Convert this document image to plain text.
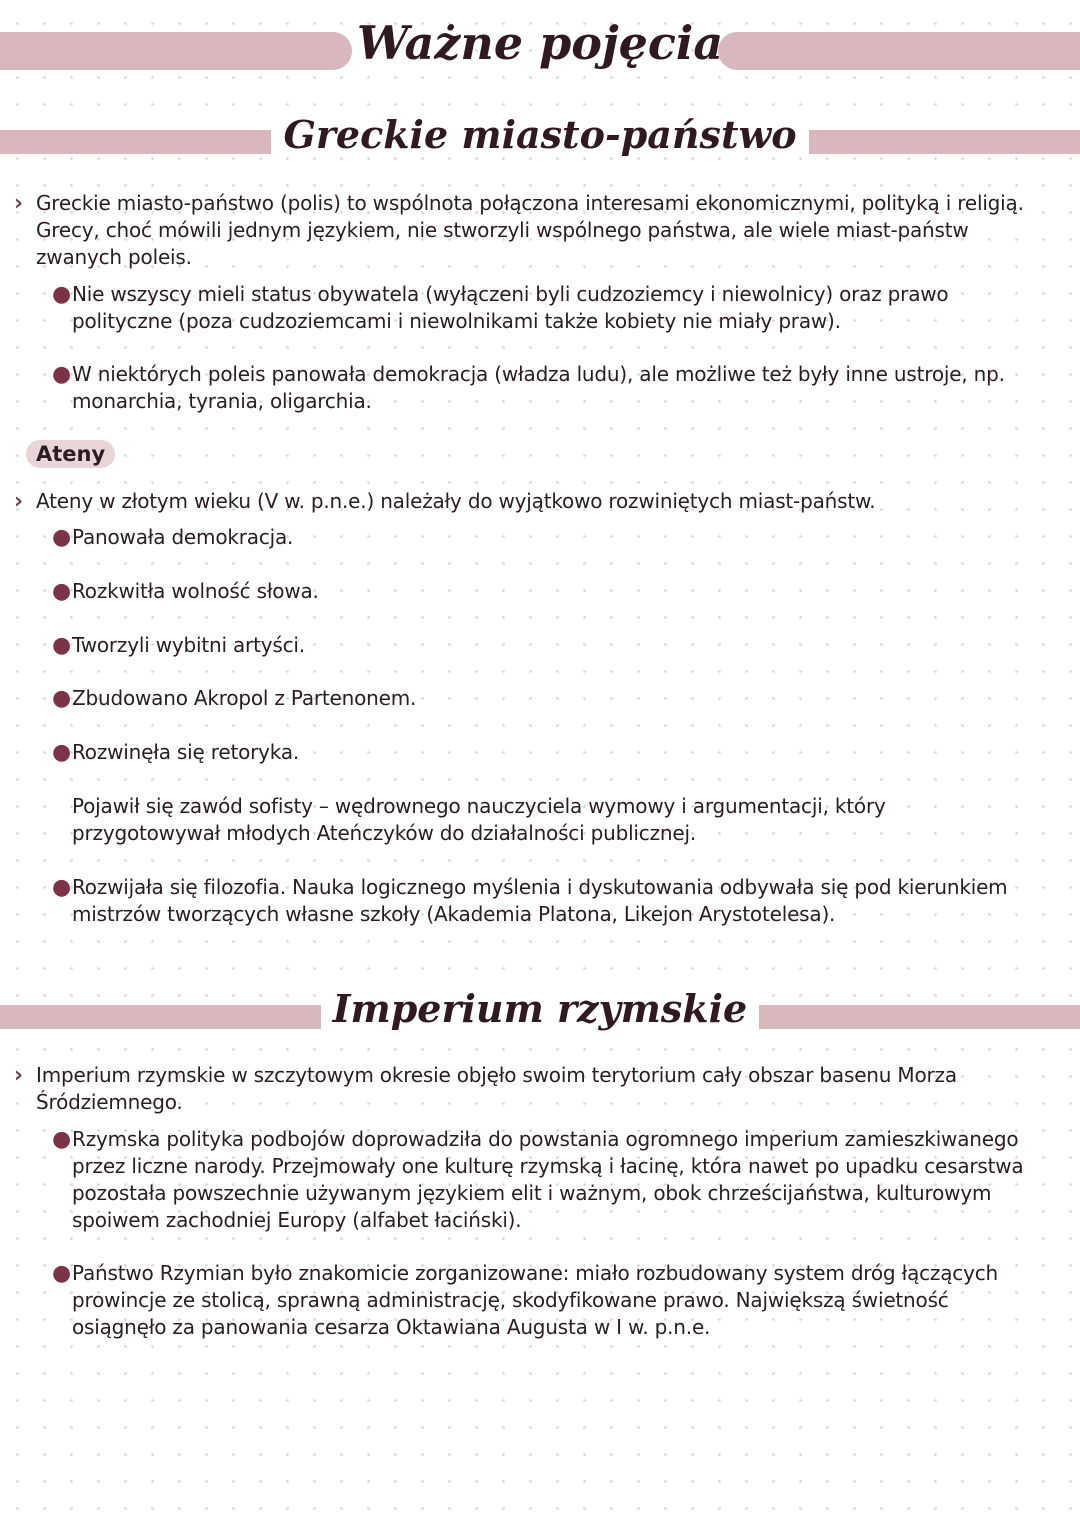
Ważne pojęcia
Greckie miasto-państwo

› Greckie miasto-państwo (polis) to wspólnota połączona interesami ekonomicznymi, polityką i religią. Grecy, choć mówili jednym językiem, nie stworzyli wspólnego państwa, ale wiele miast-państw zwanych poleis.

● Nie wszyscy mieli status obywatela (wyłączeni byli cudzoziemcy i niewolnicy) oraz prawo polityczne (poza cudzoziemcami i niewolnikami także kobiety nie miały praw).

● W niektórych poleis panowała demokracja (władza ludu), ale możliwe też były inne ustroje, np. monarchia, tyrania, oligarchia.

Ateny

› Ateny w złotym wieku (V w. p.n.e.) należały do wyjątkowo rozwiniętych miast-państw.

● Panowała demokracja.

● Rozkwitła wolność słowa.

● Tworzyli wybitni artyści.

● Zbudowano Akropol z Partenonem.

● Rozwinęła się retoryka.

Pojawił się zawód sofisty – wędrownego nauczyciela wymowy i argumentacji, który przygotowywał młodych Ateńczyków do działalności publicznej.

● Rozwijała się filozofia. Nauka logicznego myślenia i dyskutowania odbywała się pod kierunkiem mistrzów tworzących własne szkoły (Akademia Platona, Likejon Arystotelesa).

Imperium rzymskie

› Imperium rzymskie w szczytowym okresie objęło swoim terytorium cały obszar basenu Morza Śródziemnego.

● Rzymska polityka podbojów doprowadziła do powstania ogromnego imperium zamieszkiwanego przez liczne narody. Przejmowały one kulturę rzymską i łacinę, która nawet po upadku cesarstwa pozostała powszechnie używanym językiem elit i ważnym, obok chrześcijaństwa, kulturowym spoiwem zachodniej Europy (alfabet łaciński).

● Państwo Rzymian było znakomicie zorganizowane: miało rozbudowany system dróg łączących prowincje ze stolicą, sprawną administrację, skodyfikowane prawo. Największą świetność osiągnęło za panowania cesarza Oktawiana Augusta w I w. p.n.e.
